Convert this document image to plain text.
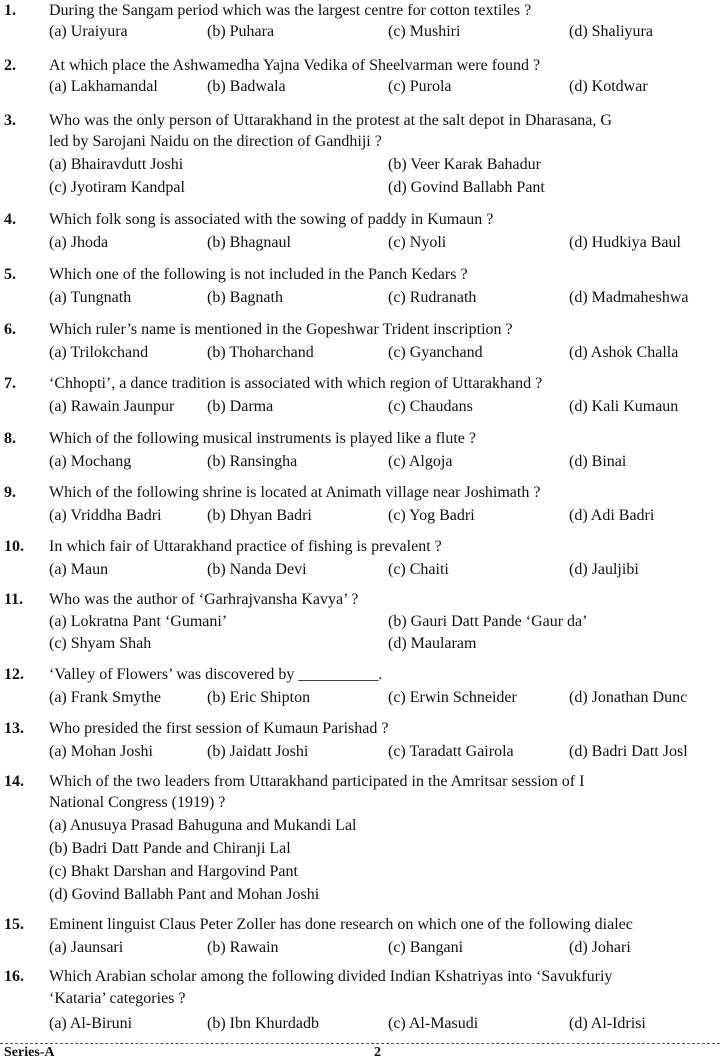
1. During the Sangam period which was the largest centre for cotton textiles ?
(a) Uraiyura	(b) Puhara	(c) Mushiri	(d) Shaliyura
2. At which place the Ashwamedha Yajna Vedika of Sheelvarman were found ?
(a) Lakhamandal	(b) Badwala	(c) Purola	(d) Kotdwar
3. Who was the only person of Uttarakhand in the protest at the salt depot in Dharasana, G
led by Sarojani Naidu on the direction of Gandhiji ?
(a) Bhairavdutt Joshi	(b) Veer Karak Bahadur
(c) Jyotiram Kandpal	(d) Govind Ballabh Pant
4. Which folk song is associated with the sowing of paddy in Kumaun ?
(a) Jhoda	(b) Bhagnaul	(c) Nyoli	(d) Hudkiya Baul
5. Which one of the following is not included in the Panch Kedars ?
(a) Tungnath	(b) Bagnath	(c) Rudranath	(d) Madmaheshwa
6. Which ruler’s name is mentioned in the Gopeshwar Trident inscription ?
(a) Trilokchand	(b) Thoharchand	(c) Gyanchand	(d) Ashok Challa
7. ‘Chhopti’, a dance tradition is associated with which region of Uttarakhand ?
(a) Rawain Jaunpur (b) Darma	(c) Chaudans	(d) Kali Kumaun
8. Which of the following musical instruments is played like a flute ?
(a) Mochang	(b) Ransingha	(c) Algoja	(d) Binai
9. Which of the following shrine is located at Animath village near Joshimath ?
(a) Vriddha Badri	(b) Dhyan Badri	(c) Yog Badri	(d) Adi Badri
10. In which fair of Uttarakhand practice of fishing is prevalent ?
(a) Maun	(b) Nanda Devi	(c) Chaiti	(d) Jauljibi
11. Who was the author of ‘Garhrajvansha Kavya’ ?
(a) Lokratna Pant ‘Gumani’	(b) Gauri Datt Pande ‘Gaur da’
(c) Shyam Shah	(d) Maularam
12. ‘Valley of Flowers’ was discovered by __________.
(a) Frank Smythe	(b) Eric Shipton	(c) Erwin Schneider	(d) Jonathan Dunc
13. Who presided the first session of Kumaun Parishad ?
(a) Mohan Joshi	(b) Jaidatt Joshi	(c) Taradatt Gairola	(d) Badri Datt Josl
14. Which of the two leaders from Uttarakhand participated in the Amritsar session of I
National Congress (1919) ?
(a) Anusuya Prasad Bahuguna and Mukandi Lal
(b) Badri Datt Pande and Chiranji Lal
(c) Bhakt Darshan and Hargovind Pant
(d) Govind Ballabh Pant and Mohan Joshi
15. Eminent linguist Claus Peter Zoller has done research on which one of the following dialec
(a) Jaunsari	(b) Rawain	(c) Bangani	(d) Johari
16. Which Arabian scholar among the following divided Indian Kshatriyas into ‘Savukfuriy
‘Kataria’ categories ?
(a) Al-Biruni	(b) Ibn Khurdadb	(c) Al-Masudi	(d) Al-Idrisi
Series-A	2
